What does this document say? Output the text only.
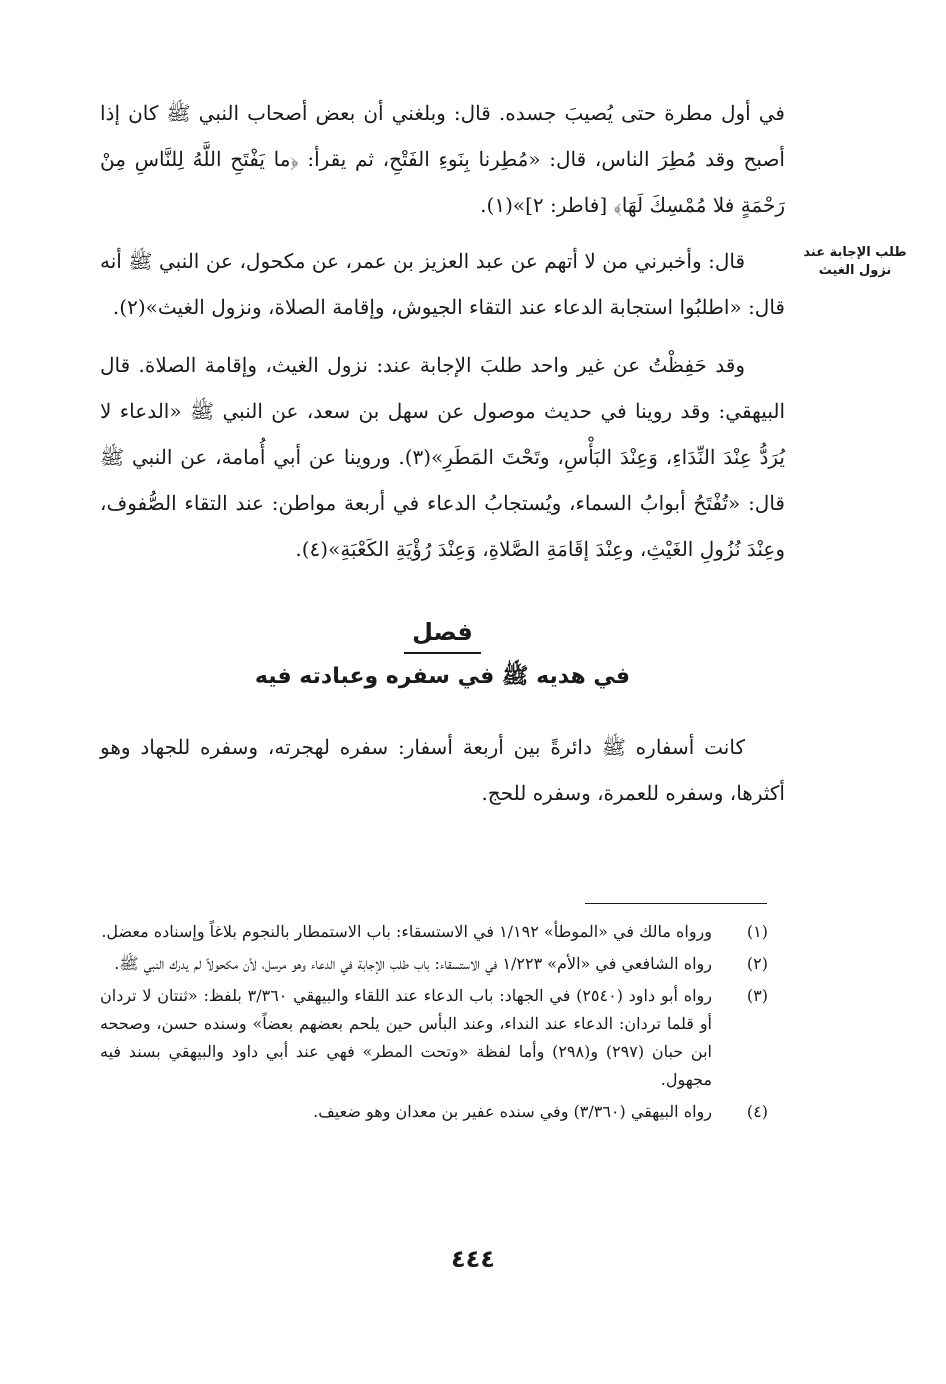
طلب الإجابة عند نزول الغيث

في أول مطرة حتى يُصيبَ جسده. قال: وبلغني أن بعض أصحاب النبي ﷺ كان إذا أصبح وقد مُطِرَ الناس، قال: «مُطِرنا بِنَوءِ الفَتْحِ، ثم يقرأ: ﴿ما يَفْتَحِ اللَّهُ لِلنَّاسِ مِنْ رَحْمَةٍ فلا مُمْسِكَ لَهَا﴾ [فاطر: ٢]»(١).

قال: وأخبرني من لا أتهم عن عبد العزيز بن عمر، عن مكحول، عن النبي ﷺ أنه قال: «اطلبُوا استجابة الدعاء عند التقاء الجيوش، وإقامة الصلاة، ونزول الغيث»(٢).

وقد حَفِظْتُ عن غير واحد طلبَ الإجابة عند: نزول الغيث، وإقامة الصلاة. قال البيهقي: وقد روينا في حديث موصول عن سهل بن سعد، عن النبي ﷺ «الدعاء لا يُرَدُّ عِنْدَ النِّدَاءِ، وَعِنْدَ البَأْسِ، وتَحْتَ المَطَرِ»(٣). وروينا عن أبي أُمامة، عن النبي ﷺ قال: «تُفْتَحُ أبوابُ السماء، ويُستجابُ الدعاء في أربعة مواطن: عند التقاء الصُّفوف، وعِنْدَ نُزُولِ الغَيْثِ، وعِنْدَ إقَامَةِ الصَّلاةِ، وَعِنْدَ رُؤْيَةِ الكَعْبَةِ»(٤).

فصل
في هديه ﷺ في سفره وعبادته فيه

كانت أسفاره ﷺ دائرةً بين أربعة أسفار: سفره لهجرته، وسفره للجهاد وهو أكثرها، وسفره للعمرة، وسفره للحج.

(١)
ورواه مالك في «الموطأ» ١/١٩٢ في الاستسقاء: باب الاستمطار بالنجوم بلاغاً وإسناده معضل.
(٢)
رواه الشافعي في «الأم» ١/٢٢٣ في الاستسقاء: باب طلب الإجابة في الدعاء وهو مرسل، لأن مكحولاً لم يدرك النبي ﷺ.
(٣)
رواه أبو داود (٢٥٤٠) في الجهاد: باب الدعاء عند اللقاء والبيهقي ٣/٣٦٠ بلفظ: «ثنتان لا تردان أو قلما تردان: الدعاء عند النداء، وعند البأس حين يلحم بعضهم بعضاً» وسنده حسن، وصححه ابن حبان (٢٩٧) و(٢٩٨) وأما لفظة «وتحت المطر» فهي عند أبي داود والبيهقي بسند فيه مجهول.
(٤)
رواه البيهقي (٣/٣٦٠) وفي سنده عفير بن معدان وهو ضعيف.
٤٤٤
